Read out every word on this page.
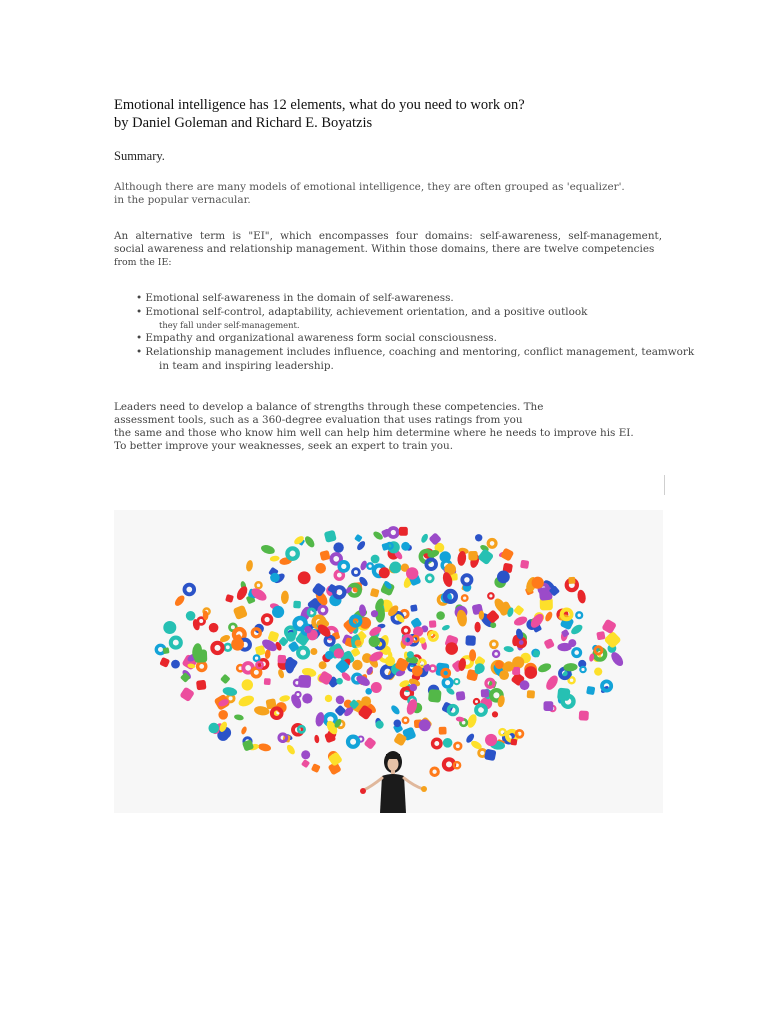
Emotional intelligence has 12 elements, what do you need to work on?
by Daniel Goleman and Richard E. Boyatzis

Summary.

Although there are many models of emotional intelligence, they are often grouped as 'equalizer'.
in the popular vernacular.

An alternative term is "EI", which encompasses four domains: self-awareness, self-management,
social awareness and relationship management. Within those domains, there are twelve competencies
from the IE:

• Emotional self-awareness in the domain of self-awareness.
• Emotional self-control, adaptability, achievement orientation, and a positive outlook
they fall under self-management.
• Empathy and organizational awareness form social consciousness.
• Relationship management includes influence, coaching and mentoring, conflict management, teamwork
in team and inspiring leadership.

Leaders need to develop a balance of strengths through these competencies. The
assessment tools, such as a 360-degree evaluation that uses ratings from you
the same and those who know him well can help him determine where he needs to improve his EI.
To better improve your weaknesses, seek an expert to train you.
